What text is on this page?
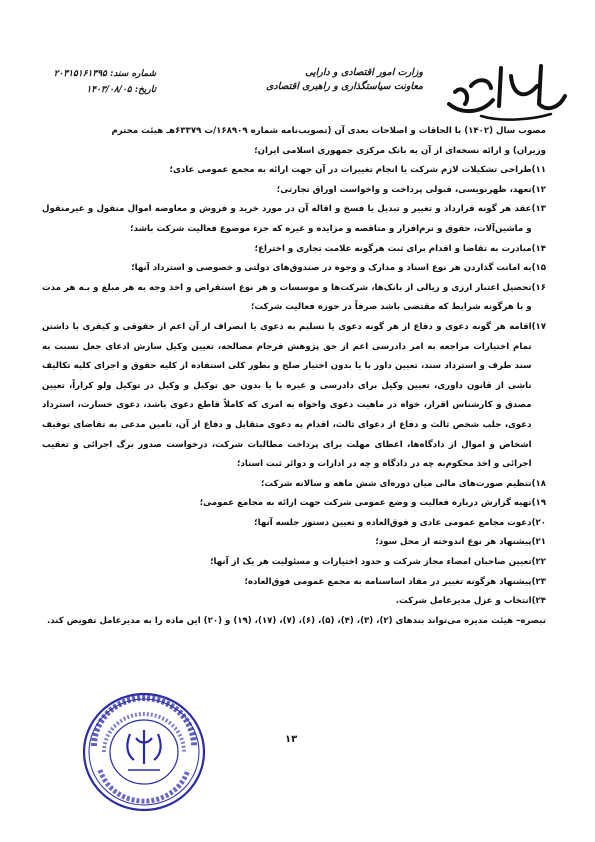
وزارت امور اقتصادی و دارایی
معاونت سیاستگذاری و راهبری اقتصادی
شماره سند: ۲۰۳۱۵۱۶۱۳۹۵
تاریخ: ۱۴۰۳/۰۸/۰۵

مصوب سال (۱۴۰۲) با الحاقات و اصلاحات بعدی آن (تصویب‌نامه شماره ۱۶۸۹۰۹/ت ۶۳۳۷۹هـ هیئت محترم

وزیران) و ارائه نسخه‌ای از آن به بانک مرکزی جمهوری اسلامی ایران؛

۱۱)
طراحی تشکیلات لازم شرکت یا انجام تغییرات در آن جهت ارائه به مجمع عمومی عادی؛
۱۲)
تعهد، ظهرنویسی، قبولی پرداخت و واخواست اوراق تجارتی؛
۱۳)
عقد هر گونه قرارداد و تغییر و تبدیل یا فسخ و اقاله آن در مورد خرید و فروش و معاوضه اموال منقول و غیرمنقول و ماشین‌آلات، حقوق و نرم‌افزار و مناقصه و مزایده و غیره که جزء موضوع فعالیت شرکت باشد؛
۱۴)
مبادرت به تقاضا و اقدام برای ثبت هرگونه علامت تجاری و اختراع؛
۱۵)
به امانت گذاردن هر نوع اسناد و مدارک و وجوه در صندوق‌های دولتی و خصوصی و استرداد آنها؛
۱۶)
تحصیل اعتبار ارزی و ریالی از بانک‌ها، شرکت‌ها و موسسات و هر نوع استقراض و اخذ وجه به هر مبلغ و بـه هر مدت و با هرگونه شرایط که مقتضی باشد صرفاً در حوزه فعالیت شرکت؛
۱۷)
اقامه هر گونه دعوی و دفاع از هر گونه دعوی یا تسلیم به دعوی یا انصراف از آن اعم از حقوقی و کیفری با داشتن تمام اختیارات مراجعه به امر دادرسی اعم از حق پژوهش فرجام مصالحه، تعیین وکیل سازش ادعای جعل نسبت به سند طرف و استرداد سند، تعیین داور با یا بدون اختیار صلح و بطور کلی استفاده از کلیه حقوق و اجرای کلیه تکالیف ناشی از قانون داوری، تعیین وکیل برای دادرسی و غیره با یا بدون حق توکیل و وکیل در توکیل ولو کراراً، تعیین مصدق و کارشناس اقرار، خواه در ماهیت دعوی واخواه به امری که کاملاً قاطع دعوی باشد، دعوی خسارت، استرداد دعوی، جلب شخص ثالث و دفاع از دعوای ثالث، اقدام به دعوی متقابل و دفاع از آن، تامین مدعی به تقاضای توقیف اشخاص و اموال از دادگاه‌ها، اعطای مهلت برای پرداخت مطالبات شرکت، درخواست صدور برگ اجرائی و تعقیب اجرائی و اخذ محکوم‌به چه در دادگاه و چه در ادارات و دوائر ثبت اسناد؛
۱۸)
تنظیم صورت‌های مالی میان دوره‌ای شش ماهه و سالانه شرکت؛
۱۹)
تهیه گزارش درباره فعالیت و وضع عمومی شرکت جهت ارائه به مجامع عمومی؛
۲۰)
دعوت مجامع عمومی عادی و فوق‌العاده و تعیین دستور جلسه آنها؛
۲۱)
پیشنهاد هر نوع اندوخته از محل سود؛
۲۲)
تعیین صاحبان امضاء مجاز شرکت و حدود اختیارات و مسئولیت هر یک از آنها؛
۲۳)
پیشنهاد هرگونه تغییر در مفاد اساسنامه به مجمع عمومی فوق‌العاده؛
۲۴)
انتخاب و عزل مدیرعامل شرکت.

تبصره– هیئت مدیره می‌تواند بندهای (۲)، (۳)، (۴)، (۵)، (۶)، (۷)، (۱۷)، (۱۹) و (۲۰) این ماده را به مدیرعامل تفویض کند.

۱۳
